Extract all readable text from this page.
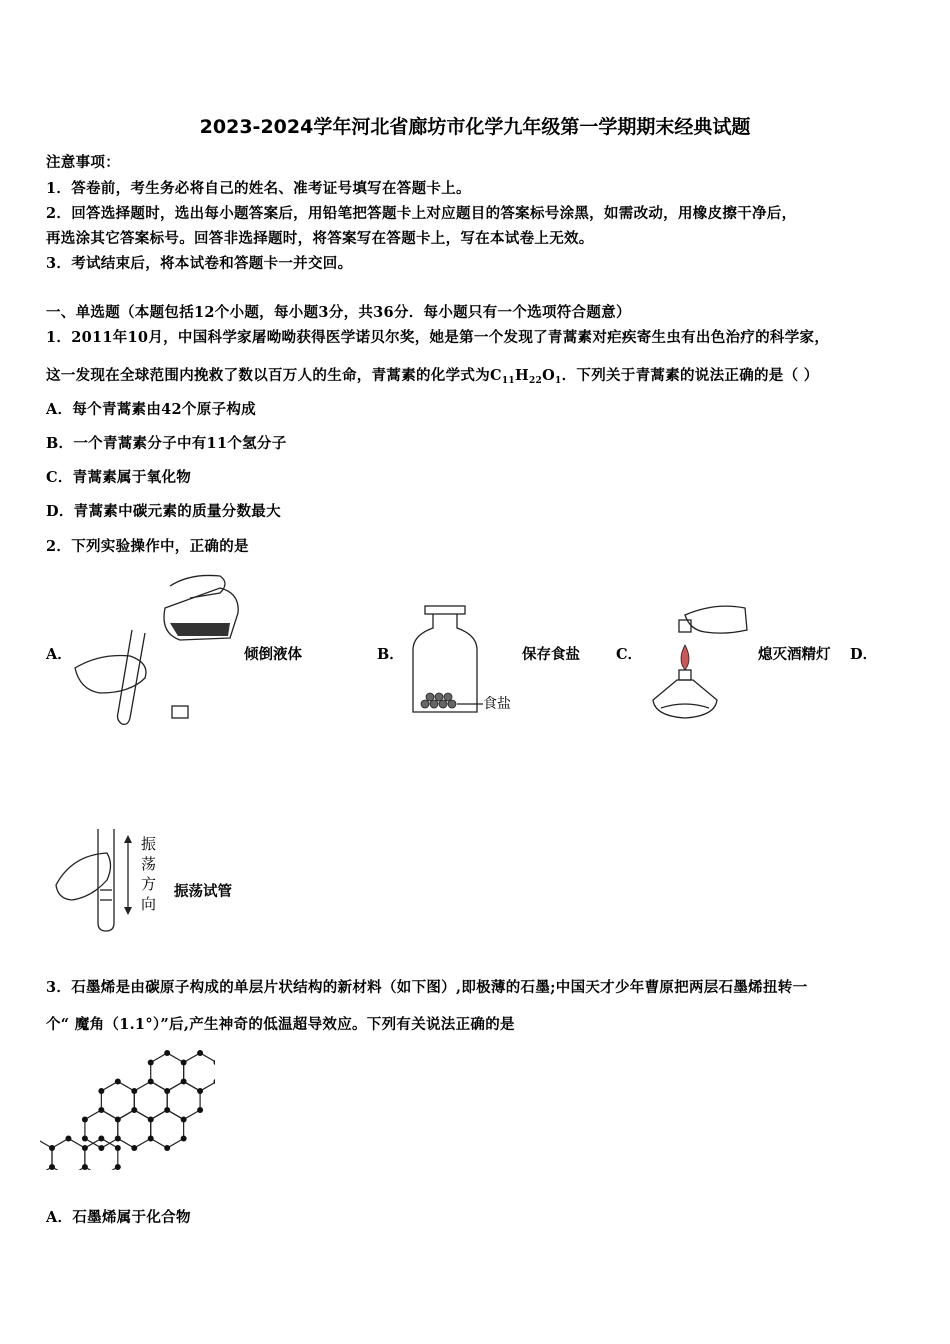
2023-2024学年河北省廊坊市化学九年级第一学期期末经典试题
注意事项：
1．答卷前，考生务必将自己的姓名、准考证号填写在答题卡上。
2．回答选择题时，选出每小题答案后，用铅笔把答题卡上对应题目的答案标号涂黑，如需改动，用橡皮擦干净后，
再选涂其它答案标号。回答非选择题时，将答案写在答题卡上，写在本试卷上无效。
3．考试结束后，将本试卷和答题卡一并交回。
一、单选题（本题包括12个小题，每小题3分，共36分．每小题只有一个选项符合题意）
1．2011年10月，中国科学家屠呦呦获得医学诺贝尔奖，她是第一个发现了青蒿素对疟疾寄生虫有出色治疗的科学家，
这一发现在全球范围内挽救了数以百万人的生命，青蒿素的化学式为$C_{11}H_{22}O_1$．下列关于青蒿素的说法正确的是（ ）
A．每个青蒿素由42个原子构成
B．一个青蒿素分子中有11个氢分子
C．青蒿素属于氧化物
D．青蒿素中碳元素的质量分数最大
2．下列实验操作中，正确的是
A．	倾倒液体	B．
食盐
保存食盐 C．	熄灭酒精灯 D．
振
荡
方
向
振荡试管
3．石墨烯是由碳原子构成的单层片状结构的新材料（如下图）,即极薄的石墨;中国天才少年曹原把两层石墨烯扭转一
个“ 魔角（1.1°）”后,产生神奇的低温超导效应。下列有关说法正确的是
A．石墨烯属于化合物
